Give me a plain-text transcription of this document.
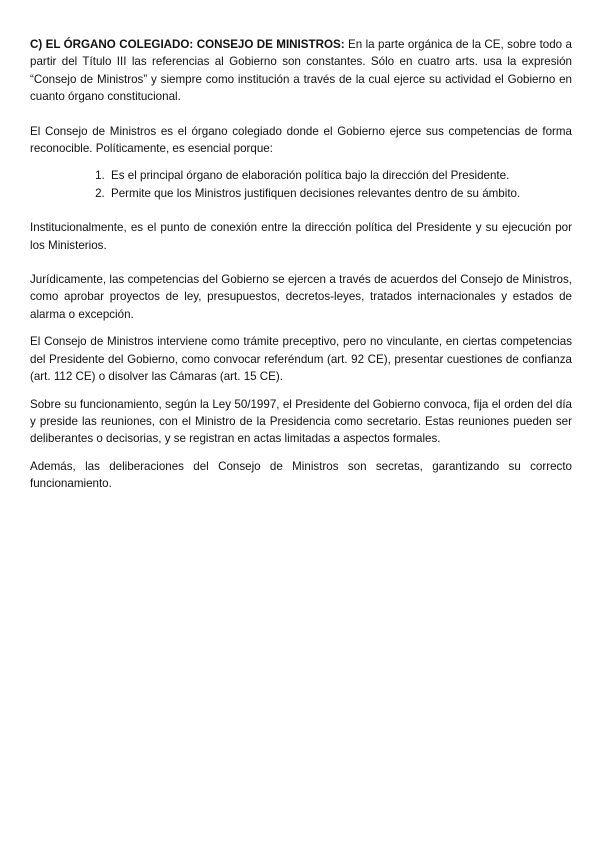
C) EL ÓRGANO COLEGIADO: CONSEJO DE MINISTROS: En la parte orgánica de la CE, sobre todo a partir del Título III las referencias al Gobierno son constantes. Sólo en cuatro arts. usa la expresión “Consejo de Ministros” y siempre como institución a través de la cual ejerce su actividad el Gobierno en cuanto órgano constitucional.

El Consejo de Ministros es el órgano colegiado donde el Gobierno ejerce sus competencias de forma reconocible. Políticamente, es esencial porque:

1. Es el principal órgano de elaboración política bajo la dirección del Presidente.
2. Permite que los Ministros justifiquen decisiones relevantes dentro de su ámbito.

Institucionalmente, es el punto de conexión entre la dirección política del Presidente y su ejecución por los Ministerios.

Jurídicamente, las competencias del Gobierno se ejercen a través de acuerdos del Consejo de Ministros, como aprobar proyectos de ley, presupuestos, decretos-leyes, tratados internacionales y estados de alarma o excepción.

El Consejo de Ministros interviene como trámite preceptivo, pero no vinculante, en ciertas competencias del Presidente del Gobierno, como convocar referéndum (art. 92 CE), presentar cuestiones de confianza (art. 112 CE) o disolver las Cámaras (art. 15 CE).

Sobre su funcionamiento, según la Ley 50/1997, el Presidente del Gobierno convoca, fija el orden del día y preside las reuniones, con el Ministro de la Presidencia como secretario. Estas reuniones pueden ser deliberantes o decisorias, y se registran en actas limitadas a aspectos formales.

Además, las deliberaciones del Consejo de Ministros son secretas, garantizando su correcto funcionamiento.
